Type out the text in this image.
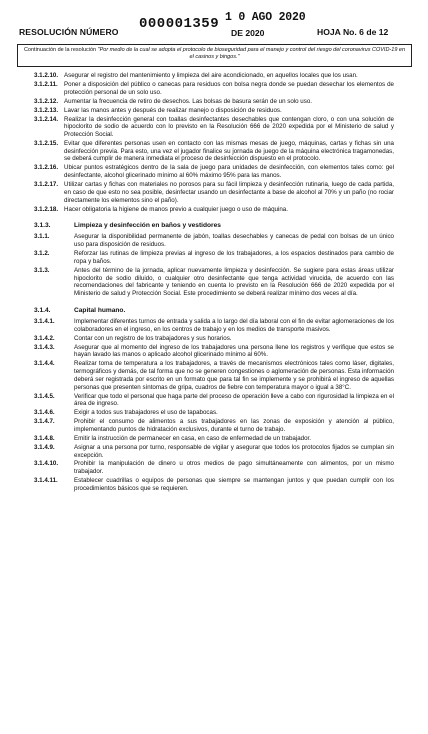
RESOLUCIÓN NÚMERO 000001359 1 0 AGO 2020
DE 2020	HOJA No. 6 de 12
Continuación de la resolución "Por medio de la cual se adopta el protocolo de bioseguridad para el manejo y control del riesgo del coronavirus COVID-19 en el casinos y bingos."
3.1.2.10. Asegurar el registro del mantenimiento y limpieza del aire acondicionado, en aquellos locales que los usan.
3.1.2.11.	Poner a disposición del público o canecas para residuos con bolsa negra donde se puedan desechar los elementos de protección personal de un solo uso.
3.1.2.12. Aumentar la frecuencia de retiro de desechos. Las bolsas de basura serán de un solo uso.
3.1.2.13. Lavar las manos antes y después de realizar manejo o disposición de residuos.
3.1.2.14. Realizar la desinfección general con toallas desinfectantes desechables que contengan cloro, o con una solución de hipoclorito de sodio de acuerdo con lo previsto en la Resolución 666 de 2020 expedida por el Ministerio de salud y Protección Social.
3.1.2.15. Evitar que diferentes personas usen en contacto con las mismas mesas de juego, máquinas, cartas y fichas sin una desinfección previa. Para esto, una vez el jugador finalice su jornada de juego de la máquina electrónica tragamonedas, se deberá cumplir de manera inmediata el proceso de desinfección dispuesto en el protocolo.
3.1.2.16. Ubicar puntos estratégicos dentro de la sala de juego para unidades de desinfección, con elementos tales como: gel desinfectante, alcohol glicerinado mínimo al 60% máximo 95% para las manos.
3.1.2.17. Utilizar cartas y fichas con materiales no porosos para su fácil limpieza y desinfección rutinaria, luego de cada partida, en caso de que esto no sea posible, desinfectar usando un desinfectante a base de alcohol al 70% y un paño (no rociar directamente los elementos sino el paño).
3.1.2.18. Hacer obligatoria la higiene de manos previo a cualquier juego o uso de máquina.
3.1.3.	Limpieza y desinfección en baños y vestidores
3.1.1.	Asegurar la disponibilidad permanente de jabón, toallas desechables y canecas de pedal con bolsas de un único uso para disposición de residuos.
3.1.2.	Reforzar las rutinas de limpieza previas al ingreso de los trabajadores, a los espacios destinados para cambio de ropa y baños.
3.1.3.	Antes del término de la jornada, aplicar nuevamente limpieza y desinfección. Se sugiere para estas áreas utilizar hipoclorito de sodio diluido, o cualquier otro desinfectante que tenga actividad virucida, de acuerdo con las recomendaciones del fabricante y teniendo en cuenta lo previsto en la Resolución 666 de 2020 expedida por el Ministerio de salud y Protección Social. Este procedimiento se deberá realizar mínimo dos veces al día.
3.1.4.	Capital humano.
3.1.4.1.	Implementar diferentes turnos de entrada y salida a lo largo del día laboral con el fin de evitar aglomeraciones de los colaboradores en el ingreso, en los centros de trabajo y en los medios de transporte masivos.
3.1.4.2.	Contar con un registro de los trabajadores y sus horarios.
3.1.4.3.	Asegurar que al momento del ingreso de los trabajadores una persona llene los registros y verifique que estos se hayan lavado las manos o aplicado alcohol glicerinado mínimo al 60%.
3.1.4.4.	Realizar toma de temperatura a los trabajadores, a través de mecanismos electrónicos tales como láser, digitales, termográficos y demás, de tal forma que no se generen congestiones o aglomeración de personas. Esta información deberá ser registrada por escrito en un formato que para tal fin se implemente y se prohibirá el ingreso de aquellas personas que presenten síntomas de gripa, cuadros de fiebre con temperatura mayor o igual a 38°C.
3.1.4.5.	Verificar que todo el personal que haga parte del proceso de operación lleve a cabo con rigurosidad la limpieza en el área de ingreso.
3.1.4.6.	Exigir a todos sus trabajadores el uso de tapabocas.
3.1.4.7.	Prohibir el consumo de alimentos a sus trabajadores en las zonas de exposición y atención al público, implementando puntos de hidratación exclusivos, durante el turno de trabajo.
3.1.4.8.	Emitir la instrucción de permanecer en casa, en caso de enfermedad de un trabajador.
3.1.4.9.	Asignar a una persona por turno, responsable de vigilar y asegurar que todos los protocolos fijados se cumplan sin excepción.
3.1.4.10.	Prohibir la manipulación de dinero u otros medios de pago simultáneamente con alimentos, por un mismo trabajador.
3.1.4.11.	Establecer cuadrillas o equipos de personas que siempre se mantengan juntos y que puedan cumplir con los procedimientos básicos que se requieren.
